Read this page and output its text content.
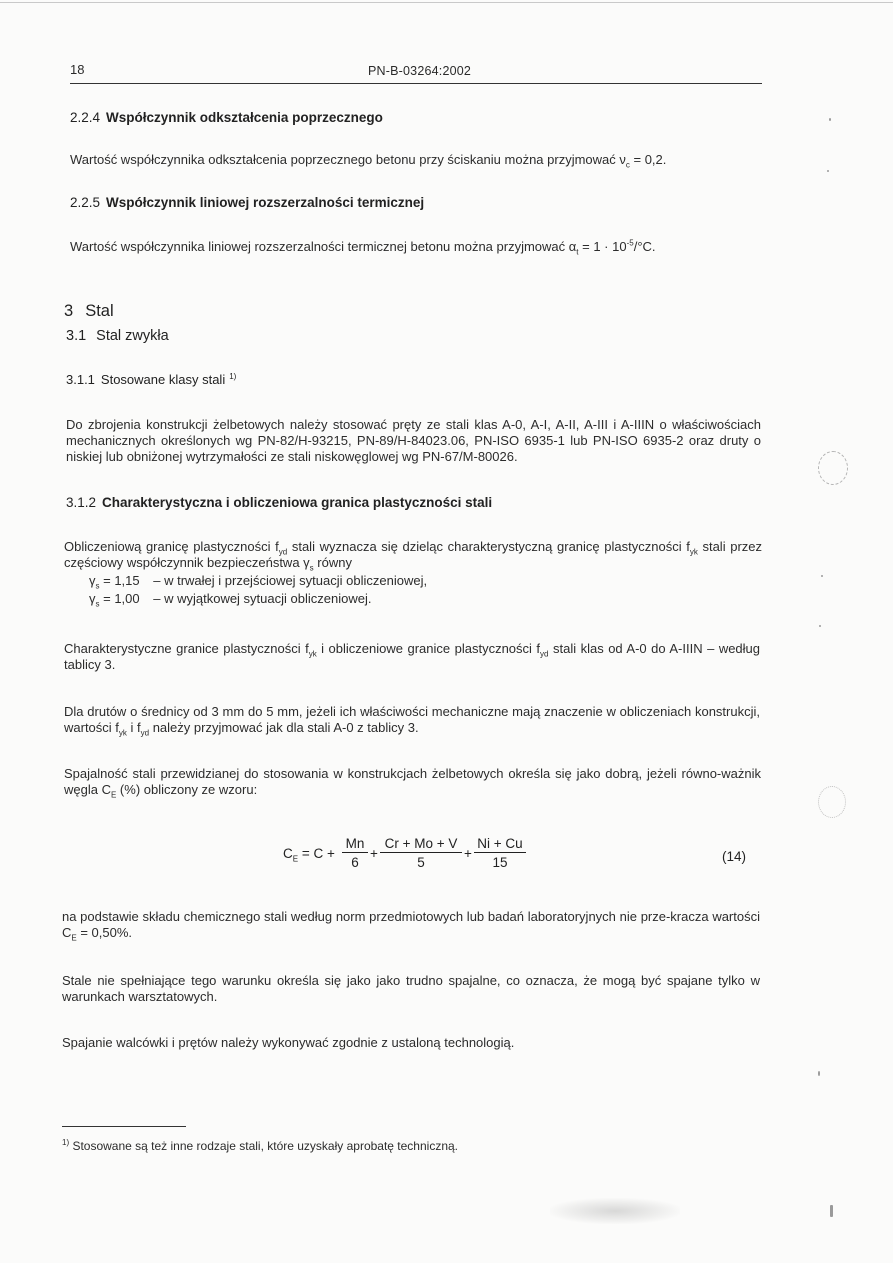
18	PN-B-03264:2002
2.2.4 Współczynnik odkształcenia poprzecznego
Wartość współczynnika odkształcenia poprzecznego betonu przy ściskaniu można przyjmować $\nu_c = 0,2$.
2.2.5 Współczynnik liniowej rozszerzalności termicznej
Wartość współczynnika liniowej rozszerzalności termicznej betonu można przyjmować $\alpha_t = 1 \cdot 10^{-5}/^\circ C$.
3 Stal
3.1 Stal zwykła
3.1.1 Stosowane klasy stali $^{1)}$
Do zbrojenia konstrukcji żelbetowych należy stosować pręty ze stali klas A-0, A-I, A-II, A-III i A-IIIN o właściwościach mechanicznych określonych wg PN-82/H-93215, PN-89/H-84023.06, PN-ISO 6935-1 lub PN-ISO 6935-2 oraz druty o niskiej lub obniżonej wytrzymałości ze stali niskowęglowej wg PN-67/M-80026.
3.1.2 Charakterystyczna i obliczeniowa granica plastyczności stali
Obliczeniową granicę plastyczności $f_{yd}$ stali wyznacza się dzieląc charakterystyczną granicę plastyczności $f_{yk}$ stali przez częściowy współczynnik bezpieczeństwa $\gamma_s$ równy
$\gamma_s = 1,15 - w$ trwałej i przejściowej sytuacji obliczeniowej,
$\gamma_s = 1,00 - w$ wyjątkowej sytuacji obliczeniowej.
Charakterystyczne granice plastyczności $f_{yk}$ i obliczeniowe granice plastyczności $f_{yd}$ stali klas od A-0 do A-IIIN – według tablicy 3.
Dla drutów o średnicy od 3 mm do 5 mm, jeżeli ich właściwości mechaniczne mają znaczenie w obliczeniach konstrukcji, wartości $f_{yk}$ i $f_{yd}$ należy przyjmować jak dla stali A-0 z tablicy 3.
Spajalność stali przewidzianej do stosowania w konstrukcjach żelbetowych określa się jako dobrą, jeżeli równo-ważnik węgla $C_E$ (%) obliczony ze wzoru:
$C_E = C$ +
Mn
6
+
Cr + Mo + V
5
+
Ni + Cu
15	(14)
na podstawie składu chemicznego stali według norm przedmiotowych lub badań laboratoryjnych nie prze-kracza wartości $C_E = 0,50\%$.
Stale nie spełniające tego warunku określa się jako jako trudno spajalne, co oznacza, że mogą być spajane tylko w warunkach warsztatowych.
Spajanie walcówki i prętów należy wykonywać zgodnie z ustaloną technologią.
$^{1)}$ Stosowane są też inne rodzaje stali, które uzyskały aprobatę techniczną.
